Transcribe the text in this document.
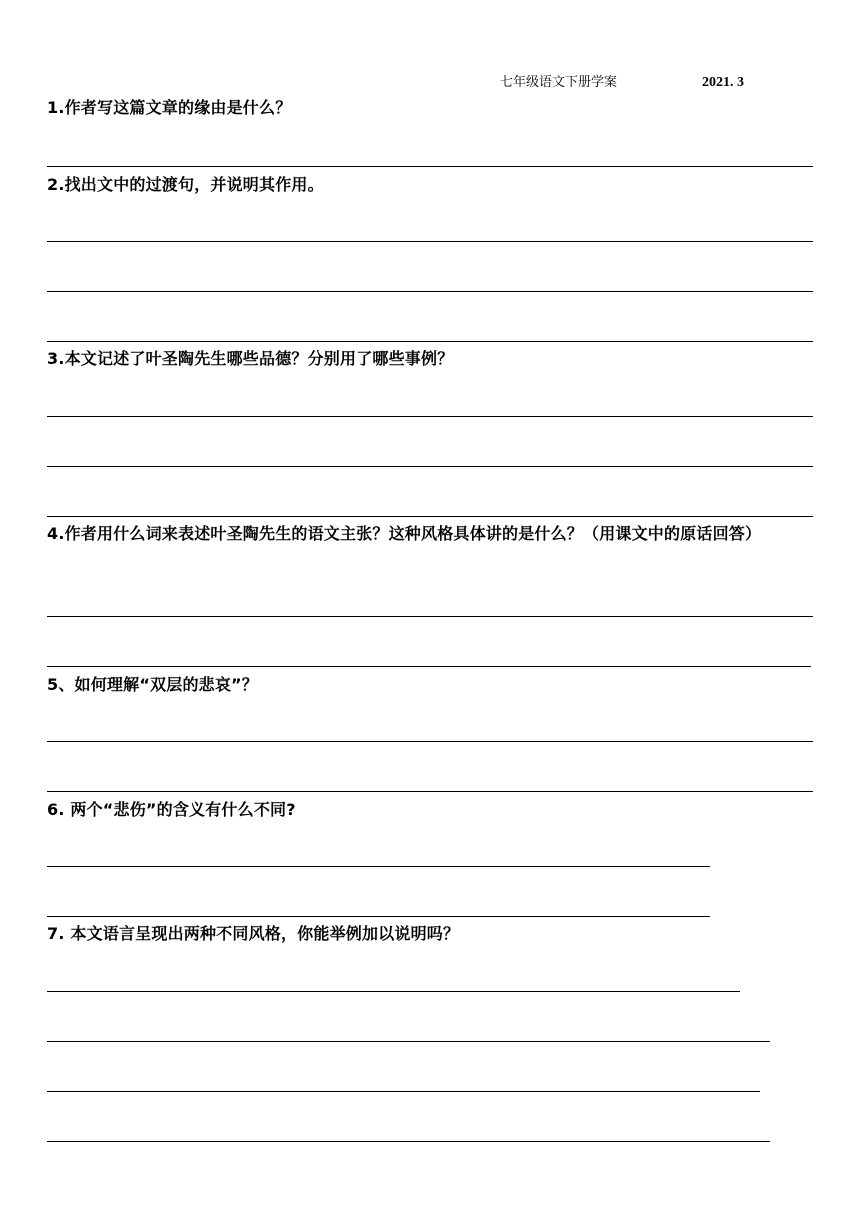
七年级语文下册学案	2021. 3
1.作者写这篇文章的缘由是什么？
2.找出文中的过渡句，并说明其作用。
3.本文记述了叶圣陶先生哪些品德？分别用了哪些事例？
4.作者用什么词来表述叶圣陶先生的语文主张？这种风格具体讲的是什么？（用课文中的原话回答）
5、如何理解“双层的悲哀”？
6. 两个“悲伤”的含义有什么不同?
7. 本文语言呈现出两种不同风格，你能举例加以说明吗？
